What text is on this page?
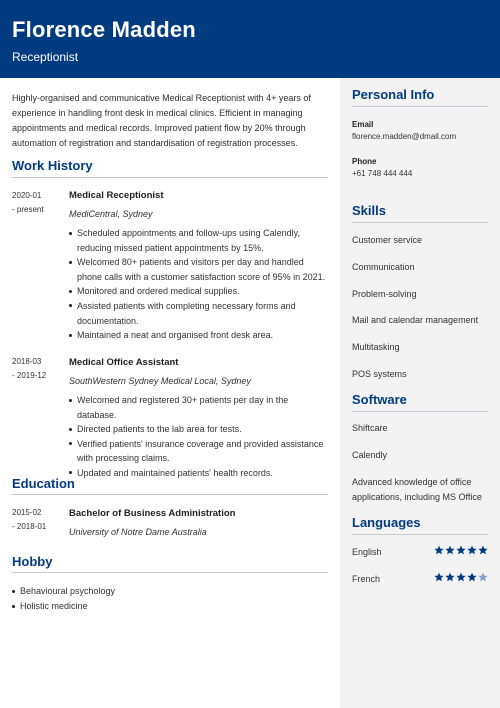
Florence Madden
Receptionist
Highly-organised and communicative Medical Receptionist with 4+ years of experience in handling front desk in medical clinics. Efficient in managing appointments and medical records. Improved patient flow by 20% through automation of registration and standardisation of registration processes.
Work History
2020-01
- present
Medical Receptionist
MediCentral, Sydney
Scheduled appointments and follow-ups using Calendly, reducing missed patient appointments by 15%.
Welcomed 80+ patients and visitors per day and handled phone calls with a customer satisfaction score of 95% in 2021.
Monitored and ordered medical supplies.
Assisted patients with completing necessary forms and documentation.
Maintained a neat and organised front desk area.
2018-03
- 2019-12
Medical Office Assistant
SouthWestern Sydney Medical Local, Sydney
Welcomed and registered 30+ patients per day in the database.
Directed patients to the lab area for tests.
Verified patients' insurance coverage and provided assistance with processing claims.
Updated and maintained patients' health records.
Education
2015-02
- 2018-01
Bachelor of Business Administration
University of Notre Dame Australia
Hobby
Behavioural psychology
Holistic medicine
Personal Info
Email
florence.madden@dmail.com
Phone
+61 748 444 444
Skills
Customer service
Communication
Problem-solving
Mail and calendar management
Multitasking
POS systems
Software
Shiftcare
Calendly
Advanced knowledge of office applications, including MS Office
Languages
English
French
